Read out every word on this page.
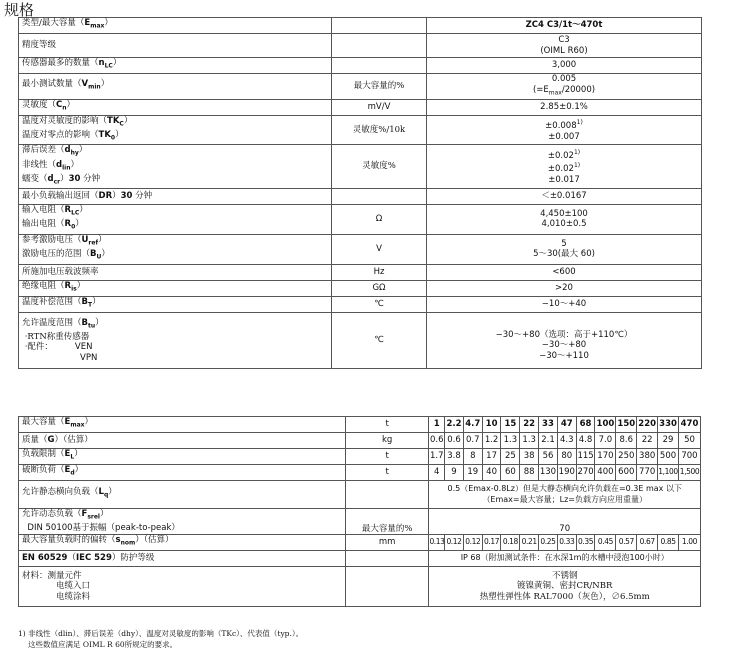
规格
类型/最大容量$(E_{max})$		ZC4 C3/1t～470t
精度等级		C3
(OIML R60)
传感器最多的数量$(n_{LC})$		3,000
最小测试数量$(V_{min})$	最大容量的%	0.005
$(=E_{max}/20000)$
灵敏度$(C_n)$	mV/V	2.85±0.1%
温度对灵敏度的影响$(TK_C)$
温度对零点的影响$(TK_0)$	灵敏度%/10k	$\pm 0.008^{1)}$
±0.007
滞后误差$(d_{hy})$
非线性$(d_{lin})$
蠕变$(d_{cr})30$ 分钟	灵敏度%	$\pm 0.02^{1)}$
$\pm 0.02^{1)}$
±0.017
最小负载输出返回（DR）30 分钟		＜±0.0167
输入电阻$(R_{LC})$
输出电阻$(R_0)$	Ω	4,450±100
4,010±0.5
参考激励电压$(U_{ref})$
激励电压的范围$(B_U)$	V	5
5～30(最大 60)
所施加电压载波频率	Hz	<600
绝缘电阻$(R_{is})$	GΩ	>20
温度补偿范围$(B_T)$	℃	−10～+40
允许温度范围$(B_{tu})$
·RTN称重传感器
·配件： VEN
VPN	℃	−30～+80（选项：高于+110℃）
−30～+80
−30～+110
最大容量$(E_{max})$	t	1	2.2	4.7	10	15	22	33	47	68	100	150	220	330	470
质量（G）（估算）	kg	0.6	0.6	0.7	1.2	1.3	1.3	2.1	4.3	4.8	7.0	8.6	22	29	50
负载限制$(E_L)$	t	1.7	3.8	8	17	25	38	56	80	115	170	250	380	500	700
破断负荷$(E_d)$	t	4	9	19	40	60	88	130	190	270	400	600	770	1,100	1,500
允许静态横向负载$(L_q)$		0.5（Emax-0.8Lz）但是大静态横向允许负载在=0.3E max 以下
（Emax=最大容量；Lz=负载方向应用重量）													
允许动态负载$(F_{srel})$
DIN 50100基于振幅（peak-to-peak）	最大容量的%	70													
最大容量负载时的偏转$(s_{nom})$（估算）	mm	0.13	0.12	0.12	0.17	0.18	0.21	0.25	0.33	0.35	0.45	0.57	0.67	0.85	1.00
EN 60529（IEC 529）防护等级		IP 68（附加测试条件：在水深1m的水槽中浸泡100小时）													
材料：测量元件
电缆入口
电缆涂料		不锈钢
镀镍黄铜、密封CR/NBR
热塑性弹性体 RAL7000（灰色），∅6.5mm													
1) 非线性（dlin）、滞后误差（dhy）、温度对灵敏度的影响（TKc）、代表值（typ.）。
这些数值应满足 OIML R 60所规定的要求。
